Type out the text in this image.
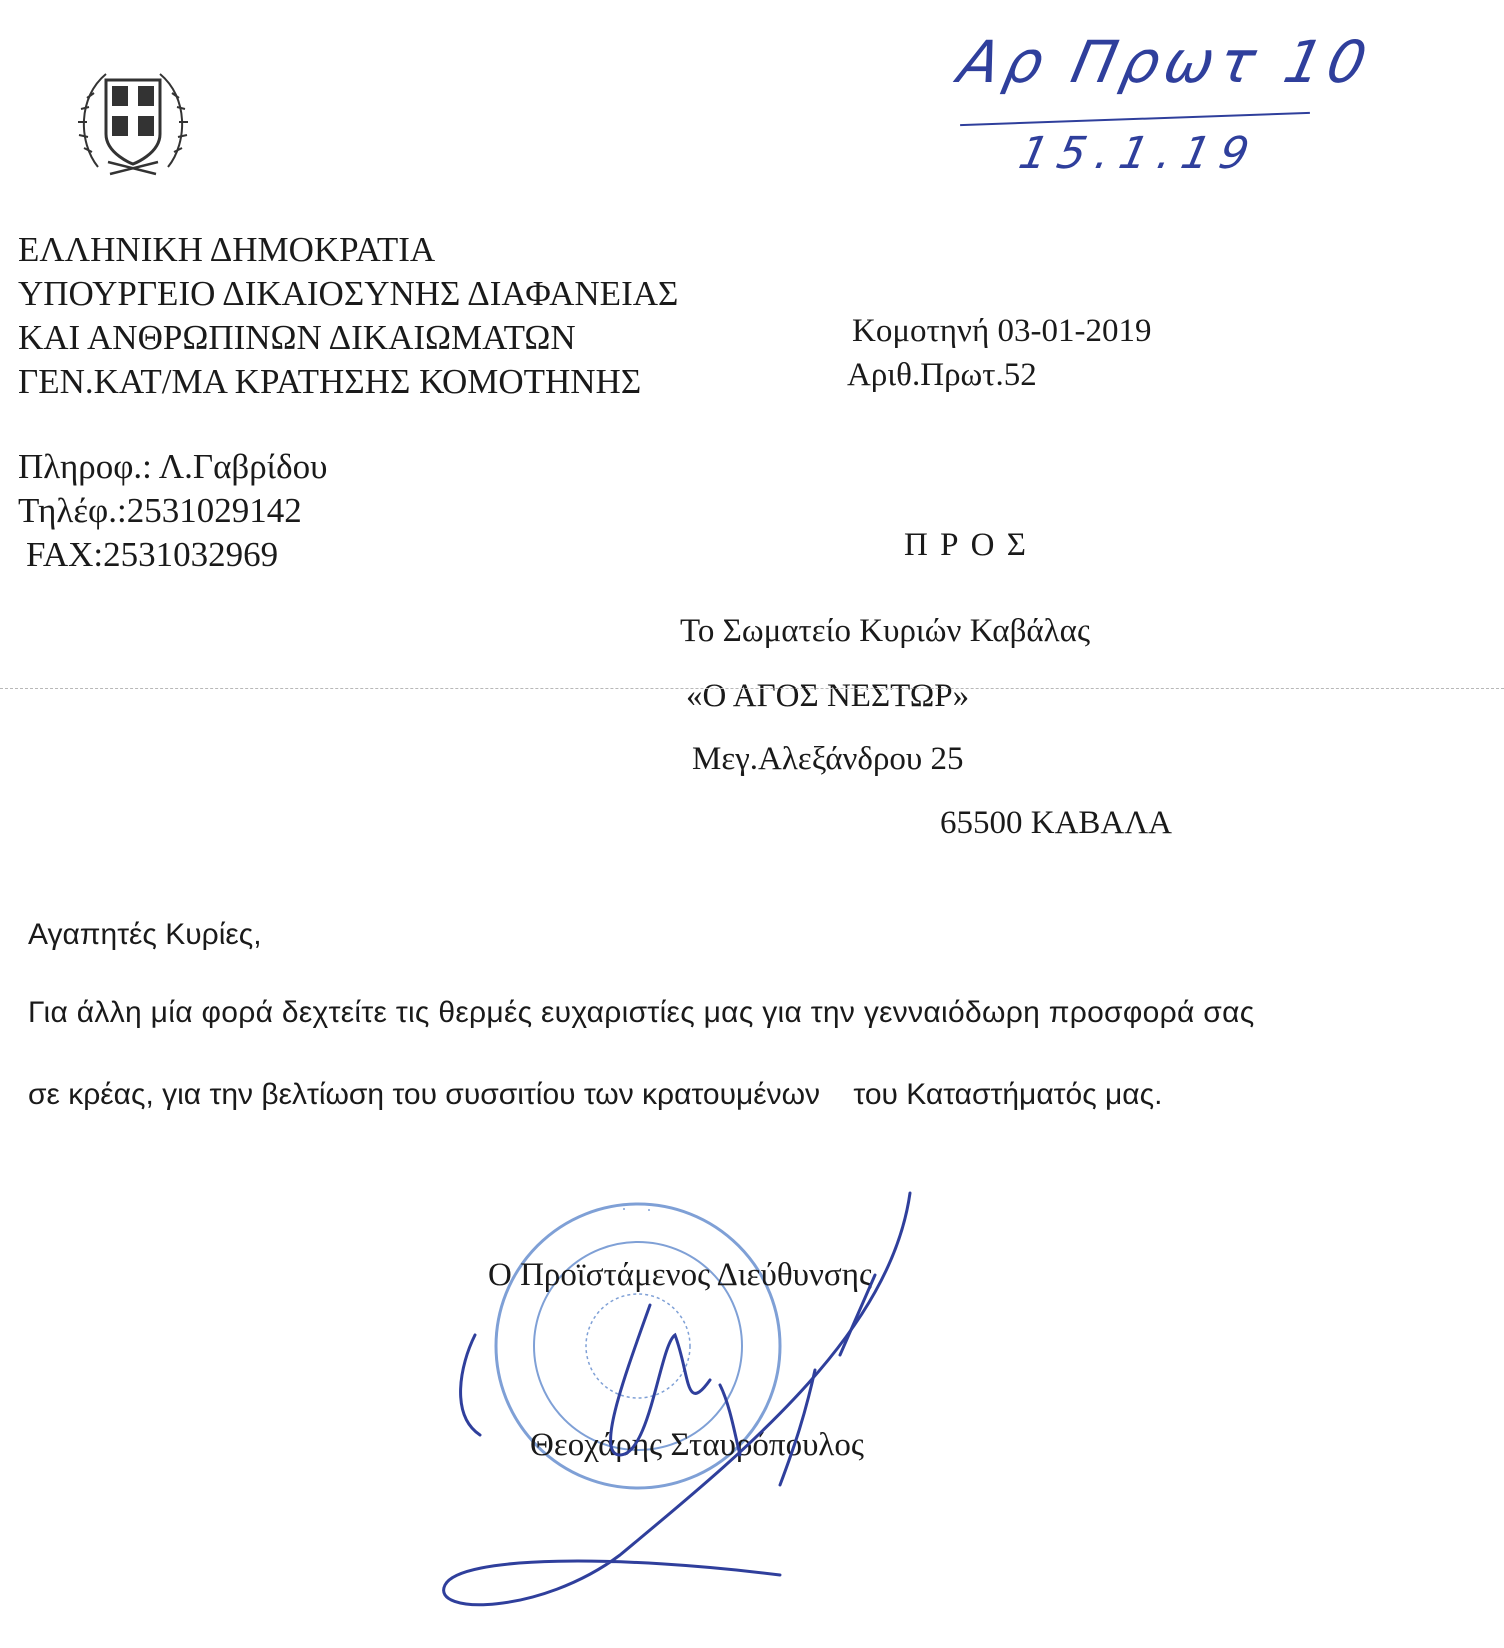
Αρ Πρωτ 10
15.1.19
ΕΛΛΗΝΙΚΗ ΔΗΜΟΚΡΑΤΙΑ
ΥΠΟΥΡΓΕΙΟ ΔΙΚΑΙΟΣΥΝΗΣ ΔΙΑΦΑΝΕΙΑΣ
ΚΑΙ ΑΝΘΡΩΠΙΝΩΝ ΔΙΚΑΙΩΜΑΤΩΝ
ΓΕΝ.ΚΑΤ/ΜΑ ΚΡΑΤΗΣΗΣ ΚΟΜΟΤΗΝΗΣ
Κομοτηνή 03-01-2019
Αριθ.Πρωτ.52
Πληροφ.: Λ.Γαβρίδου
Τηλέφ.:2531029142
FAX:2531032969	Π Ρ Ο Σ
Το Σωματείο Κυριών Καβάλας
«Ο ΑΓΟΣ ΝΕΣΤΩΡ»
Μεγ.Αλεξάνδρου 25
65500 ΚΑΒΑΛΑ
Αγαπητές Κυρίες,
Για άλλη μία φορά δεχτείτε τις θερμές ευχαριστίες μας για την γενναιόδωρη προσφορά σας
σε κρέας, για την βελτίωση του συσσιτίου των κρατουμένων    του Καταστήματός μας.
Ο Προϊστάμενος Διεύθυνσης
Θεοχάρης Σταυρόπουλος
